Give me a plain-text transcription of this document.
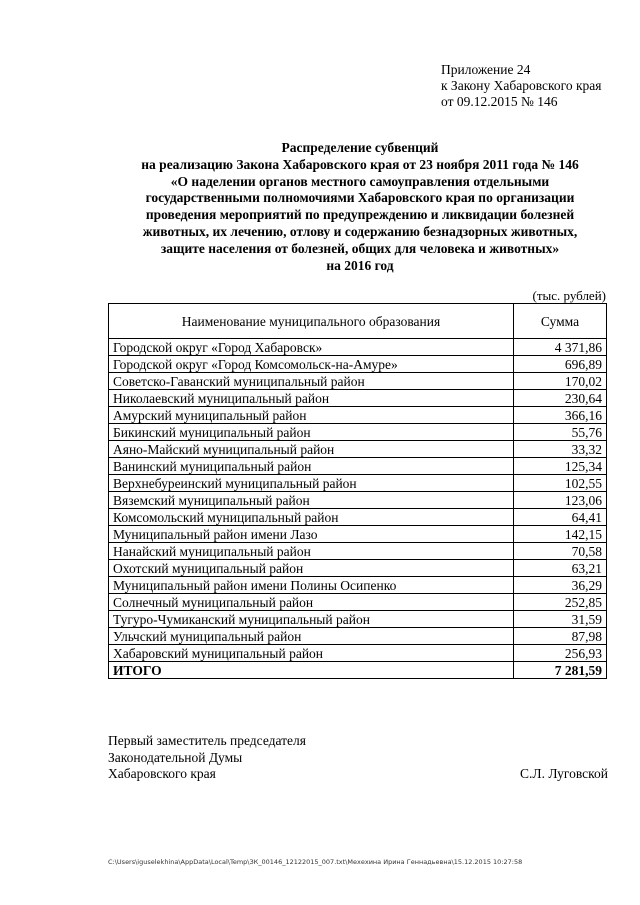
Приложение 24
к Закону Хабаровского края
от 09.12.2015 № 146
Распределение субвенций
на реализацию Закона Хабаровского края от 23 ноября 2011 года № 146
«О наделении органов местного самоуправления отдельными
государственными полномочиями Хабаровского края по организации
проведения мероприятий по предупреждению и ликвидации болезней
животных, их лечению, отлову и содержанию безнадзорных животных,
защите населения от болезней, общих для человека и животных»
на 2016 год
(тыс. рублей)
Наименование муниципального образования	Сумма
Городской округ «Город Хабаровск»	4 371,86
Городской округ «Город Комсомольск-на-Амуре»	696,89
Советско-Гаванский муниципальный район	170,02
Николаевский муниципальный район	230,64
Амурский муниципальный район	366,16
Бикинский муниципальный район	55,76
Аяно-Майский муниципальный район	33,32
Ванинский муниципальный район	125,34
Верхнебуреинский муниципальный район	102,55
Вяземский муниципальный район	123,06
Комсомольский муниципальный район	64,41
Муниципальный район имени Лазо	142,15
Нанайский муниципальный район	70,58
Охотский муниципальный район	63,21
Муниципальный район имени Полины Осипенко	36,29
Солнечный муниципальный район	252,85
Тугуро-Чумиканский муниципальный район	31,59
Ульчский муниципальный район	87,98
Хабаровский муниципальный район	256,93
ИТОГО	7 281,59
Первый заместитель председателя
Законодательной Думы
Хабаровского края	С.Л. Луговской
C:\Users\iguselekhina\AppData\Local\Temp\ЗК_00146_12122015_007.txt\Мехехина Ирина Геннадьевна\15.12.2015 10:27:58
